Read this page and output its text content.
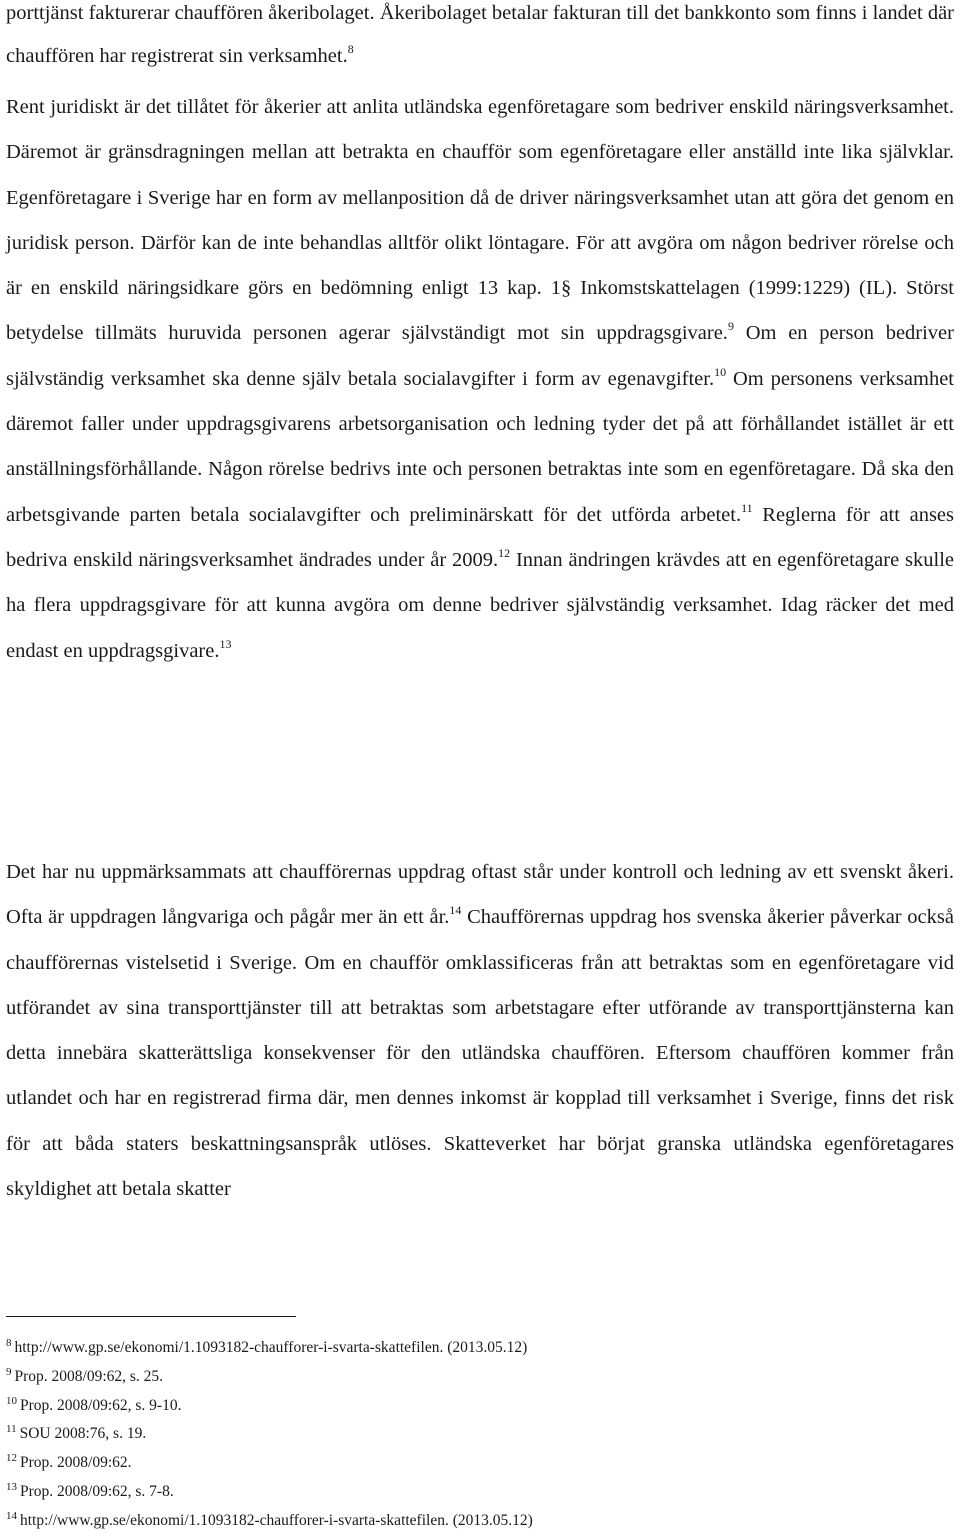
porttjänst fakturerar chauffören åkeribolaget. Åkeribolaget betalar fakturan till det bankkonto som finns i landet där chauffören har registrerat sin verksamhet.$^8$

Rent juridiskt är det tillåtet för åkerier att anlita utländska egenföretagare som bedriver enskild näringsverksamhet. Däremot är gränsdragningen mellan att betrakta en chaufför som egenföretagare eller anställd inte lika självklar. Egenföretagare i Sverige har en form av mellanposition då de driver näringsverksamhet utan att göra det genom en juridisk person. Därför kan de inte behandlas alltför olikt löntagare. För att avgöra om någon bedriver rörelse och är en enskild näringsidkare görs en bedömning enligt 13 kap. 1§ Inkomstskattelagen (1999:1229) (IL). Störst betydelse tillmäts huruvida personen agerar självständigt mot sin uppdragsgivare.$^9$ Om en person bedriver självständig verksamhet ska denne själv betala socialavgifter i form av egenavgifter.$^{10}$ Om personens verksamhet däremot faller under uppdragsgivarens arbetsorganisation och ledning tyder det på att förhållandet istället är ett anställningsförhållande. Någon rörelse bedrivs inte och personen betraktas inte som en egenföretagare. Då ska den arbetsgivande parten betala socialavgifter och preliminärskatt för det utförda arbetet.$^{11}$ Reglerna för att anses bedriva enskild näringsverksamhet ändrades under år 2009.12 Innan ändringen krävdes att en egenföretagare skulle ha flera uppdragsgivare för att kunna avgöra om denne bedriver självständig verksamhet. Idag räcker det med endast en uppdragsgivare.$^{13}$

Det har nu uppmärksammats att chaufförernas uppdrag oftast står under kontroll och ledning av ett svenskt åkeri. Ofta är uppdragen långvariga och pågår mer än ett år.$^{14}$ Chaufförernas uppdrag hos svenska åkerier påverkar också chaufförernas vistelsetid i Sverige. Om en chaufför omklassificeras från att betraktas som en egenföretagare vid utförandet av sina transporttjänster till att betraktas som arbetstagare efter utförande av transporttjänsterna kan detta innebära skatterättsliga konsekvenser för den utländska chauffören. Eftersom chauffören kommer från utlandet och har en registrerad firma där, men dennes inkomst är kopplad till verksamhet i Sverige, finns det risk för att båda staters beskattningsanspråk utlöses. Skatteverket har börjat granska utländska egenföretagares skyldighet att betala skatter

$^8$ http://www.gp.se/ekonomi/1.1093182-chaufforer-i-svarta-skattefilen. (2013.05.12)

$^9$ Prop. 2008/09:62, s. 25.

$^{10}$ Prop. 2008/09:62, s. 9-10.

$^{11}$ SOU 2008:76, s. 19.

$^{12}$ Prop. 2008/09:62.

$^{13}$ Prop. 2008/09:62, s. 7-8.

$^{14}$ http://www.gp.se/ekonomi/1.1093182-chaufforer-i-svarta-skattefilen. (2013.05.12)
